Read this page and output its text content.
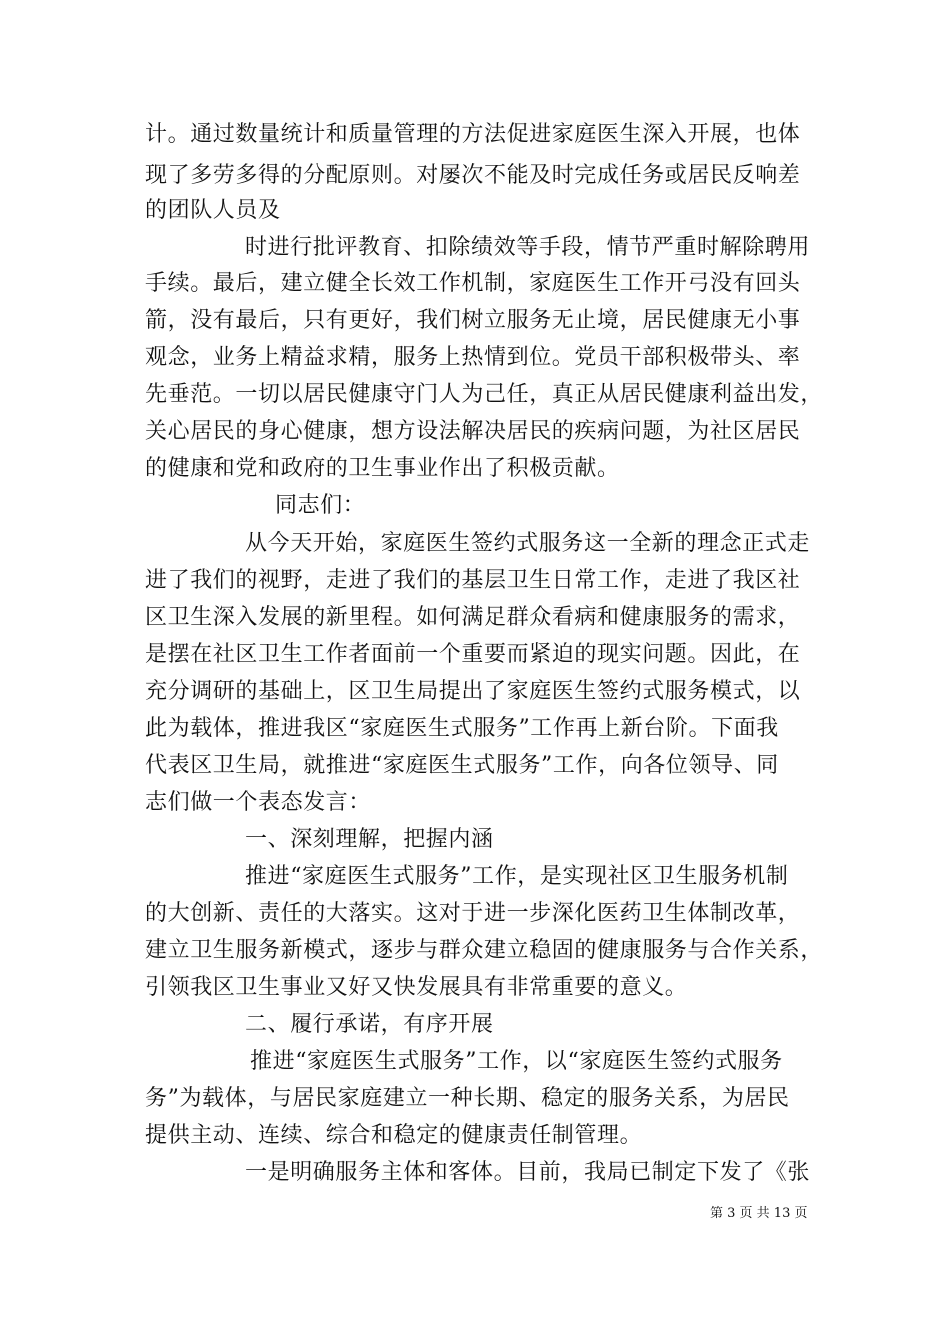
计。通过数量统计和质量管理的方法促进家庭医生深入开展，也体

现了多劳多得的分配原则。对屡次不能及时完成任务或居民反响差

的团队人员及

时进行批评教育、扣除绩效等手段，情节严重时解除聘用

手续。最后，建立健全长效工作机制，家庭医生工作开弓没有回头

箭，没有最后，只有更好，我们树立服务无止境，居民健康无小事

观念，业务上精益求精，服务上热情到位。党员干部积极带头、率

先垂范。一切以居民健康守门人为己任，真正从居民健康利益出发，

关心居民的身心健康，想方设法解决居民的疾病问题，为社区居民

的健康和党和政府的卫生事业作出了积极贡献。

同志们：

从今天开始，家庭医生签约式服务这一全新的理念正式走

进了我们的视野，走进了我们的基层卫生日常工作，走进了我区社

区卫生深入发展的新里程。如何满足群众看病和健康服务的需求，

是摆在社区卫生工作者面前一个重要而紧迫的现实问题。因此，在

充分调研的基础上，区卫生局提出了家庭医生签约式服务模式，以

此为载体，推进我区“家庭医生式服务”工作再上新台阶。下面我

代表区卫生局，就推进“家庭医生式服务”工作，向各位领导、同

志们做一个表态发言：

一、深刻理解，把握内涵

推进“家庭医生式服务”工作，是实现社区卫生服务机制

的大创新、责任的大落实。这对于进一步深化医药卫生体制改革，

建立卫生服务新模式，逐步与群众建立稳固的健康服务与合作关系，

引领我区卫生事业又好又快发展具有非常重要的意义。

二、履行承诺，有序开展

推进“家庭医生式服务”工作，以“家庭医生签约式服务

务”为载体，与居民家庭建立一种长期、稳定的服务关系，为居民

提供主动、连续、综合和稳定的健康责任制管理。

一是明确服务主体和客体。目前，我局已制定下发了《张

第 3 页 共 13 页
